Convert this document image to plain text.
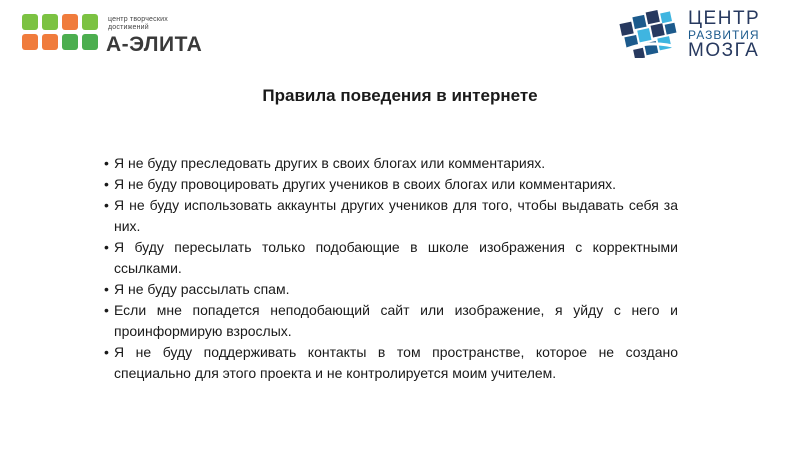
центр творческих
достижений
А-ЭЛИТА
ЦЕНТР
РАЗВИТИЯ
МОЗГА
Правила поведения в интернете
• Я не буду преследовать других в своих блогах или комментариях.
• Я не буду провоцировать других учеников в своих блогах или комментариях.
• Я не буду использовать аккаунты других учеников для того, чтобы выдавать себя за них.
• Я буду пересылать только подобающие в школе изображения с корректными ссылками.
• Я не буду рассылать спам.
• Если мне попадется неподобающий сайт или изображение, я уйду с него и проинформирую взрослых.
• Я не буду поддерживать контакты в том пространстве, которое не создано специально для этого проекта и не контролируется моим учителем.
